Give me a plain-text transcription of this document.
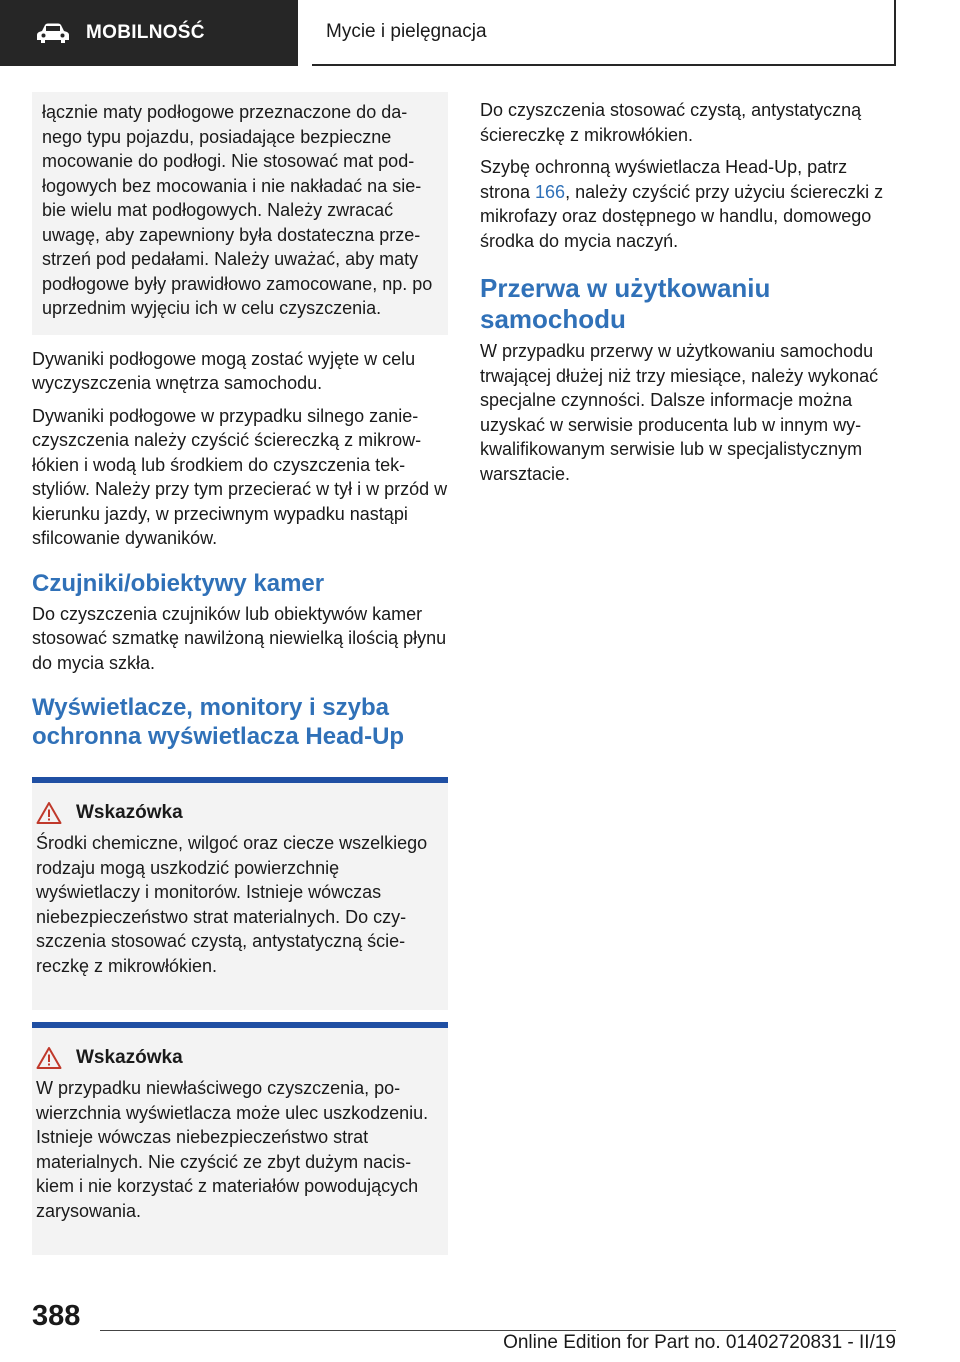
MOBILNOŚĆ	Mycie i pielęgnacja

łącznie maty podłogowe przeznaczone do danego typu pojazdu, posiadające bezpieczne mocowanie do podłogi. Nie stosować mat podłogowych bez mocowania i nie nakładać na siebie wielu mat podłogowych. Należy zwracać uwagę, aby zapewniony była dostateczna przestrzeń pod pedałami. Należy uważać, aby maty podłogowe były prawidłowo zamocowane, np. po uprzednim wyjęciu ich w celu czyszczenia.

Dywaniki podłogowe mogą zostać wyjęte w celu wyczyszczenia wnętrza samochodu.

Dywaniki podłogowe w przypadku silnego zanieczyszczenia należy czyścić ściereczką z mikrowłókien i wodą lub środkiem do czyszczenia tekstyliów. Należy przy tym przecierać w tył i w przód w kierunku jazdy, w przeciwnym wypadku nastąpi sfilcowanie dywaników.

Czujniki/obiektywy kamer

Do czyszczenia czujników lub obiektywów kamer stosować szmatkę nawilżoną niewielką ilością płynu do mycia szkła.

Wyświetlacze, monitory i szyba ochronna wyświetlacza Head-Up
Wskazówka

Środki chemiczne, wilgoć oraz ciecze wszelkiego rodzaju mogą uszkodzić powierzchnię wyświetlaczy i monitorów. Istnieje wówczas niebezpieczeństwo strat materialnych. Do czyszczenia stosować czystą, antystatyczną ściereczkę z mikrowłókien.

Wskazówka

W przypadku niewłaściwego czyszczenia, powierzchnia wyświetlacza może ulec uszkodzeniu. Istnieje wówczas niebezpieczeństwo strat materialnych. Nie czyścić ze zbyt dużym naciskiem i nie korzystać z materiałów powodujących zarysowania.

Do czyszczenia stosować czystą, antystatyczną ściereczkę z mikrowłókien.

Szybę ochronną wyświetlacza Head-Up, patrz strona 166, należy czyścić przy użyciu ściereczki z mikrofazy oraz dostępnego w handlu, domowego środka do mycia naczyń.

Przerwa w użytkowaniu samochodu

W przypadku przerwy w użytkowaniu samochodu trwającej dłużej niż trzy miesiące, należy wykonać specjalne czynności. Dalsze informacje można uzyskać w serwisie producenta lub w innym wykwalifikowanym serwisie lub w specjalistycznym warsztacie.

388
Online Edition for Part no. 01402720831 - II/19
